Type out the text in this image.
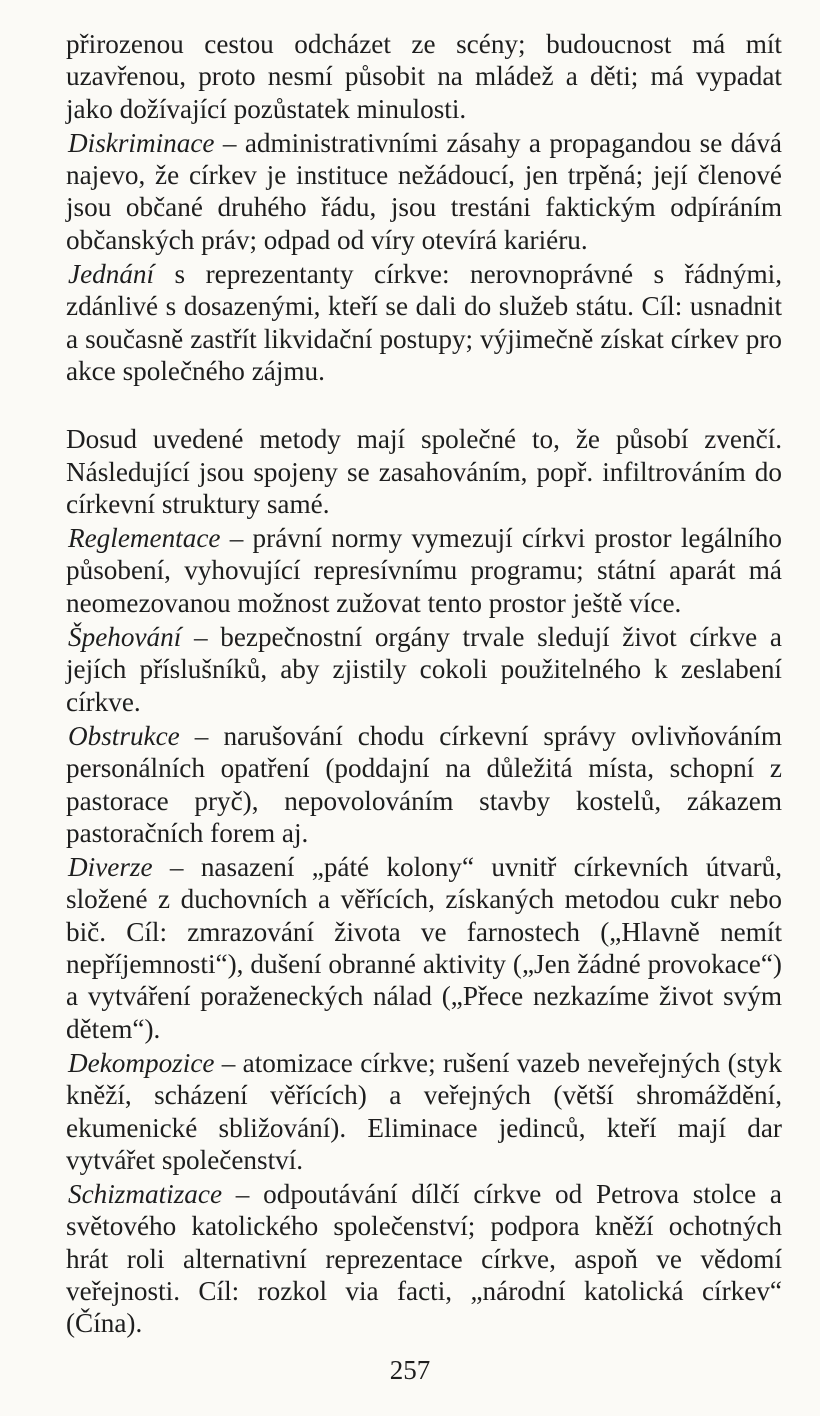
přirozenou cestou odcházet ze scény; budoucnost má mít uzavřenou, proto nesmí působit na mládež a děti; má vypadat jako dožívající pozůstatek minulosti.

Diskriminace – administrativními zásahy a propagandou se dává najevo, že církev je instituce nežádoucí, jen trpěná; její členové jsou občané druhého řádu, jsou trestáni faktickým odpíráním občanských práv; odpad od víry otevírá kariéru.

Jednání s reprezentanty církve: nerovnoprávné s řádnými, zdánlivé s dosazenými, kteří se dali do služeb státu. Cíl: usnadnit a současně zastřít likvidační postupy; výjimečně získat církev pro akce společného zájmu.

Dosud uvedené metody mají společné to, že působí zvenčí. Následující jsou spojeny se zasahováním, popř. infiltrováním do církevní struktury samé.

Reglementace – právní normy vymezují církvi prostor legálního působení, vyhovující represívnímu programu; státní aparát má neomezovanou možnost zužovat tento prostor ještě více.

Špehování – bezpečnostní orgány trvale sledují život církve a jejích příslušníků, aby zjistily cokoli použitelného k zeslabení církve.

Obstrukce – narušování chodu církevní správy ovlivňováním personálních opatření (poddajní na důležitá místa, schopní z pastorace pryč), nepovolováním stavby kostelů, zákazem pastoračních forem aj.

Diverze – nasazení „páté kolony“ uvnitř církevních útvarů, složené z duchovních a věřících, získaných metodou cukr nebo bič. Cíl: zmrazování života ve farnostech („Hlavně nemít nepříjemnosti“), dušení obranné aktivity („Jen žádné provokace“) a vytváření poraženeckých nálad („Přece nezkazíme život svým dětem“).

Dekompozice – atomizace církve; rušení vazeb neveřejných (styk kněží, scházení věřících) a veřejných (větší shromáždění, ekumenické sbližování). Eliminace jedinců, kteří mají dar vytvářet společenství.

Schizmatizace – odpoutávání dílčí církve od Petrova stolce a světového katolického společenství; podpora kněží ochotných hrát roli alternativní reprezentace církve, aspoň ve vědomí veřejnosti. Cíl: rozkol via facti, „národní katolická církev“ (Čína).

257
